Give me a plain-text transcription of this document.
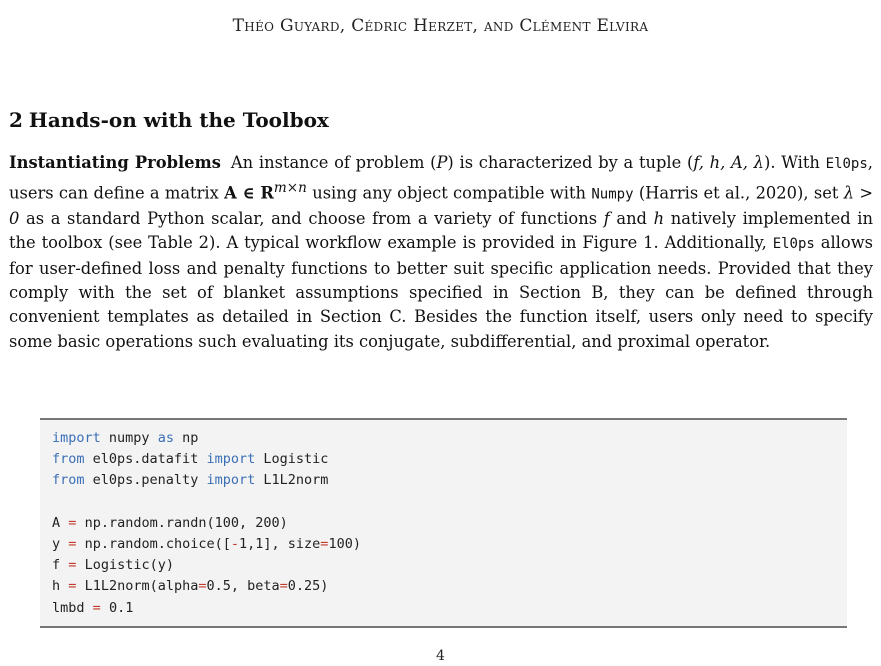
Théo Guyard, Cédric Herzet, and Clément Elvira
2 Hands-on with the Toolbox
Instantiating Problems An instance of problem (P) is characterized by a tuple (f, h, A, λ). With El0ps, users can define a matrix A ∈ $R^{m\times n}$ using any object compatible with Numpy (Harris et al., 2020), set λ > 0 as a standard Python scalar, and choose from a variety of functions f and h natively implemented in the toolbox (see Table 2). A typical workflow example is provided in Figure 1. Additionally, El0ps allows for user-defined loss and penalty functions to better suit specific application needs. Provided that they comply with the set of blanket assumptions specified in Section B, they can be defined through convenient templates as detailed in Section C. Besides the function itself, users only need to specify some basic operations such evaluating its conjugate, subdifferential, and proximal operator.
import numpy as np
from el0ps.datafit import Logistic
from el0ps.penalty import L1L2norm

A = np.random.randn(100, 200)
y = np.random.choice([-1,1], size=100)
f = Logistic(y)
h = L1L2norm(alpha=0.5, beta=0.25)
lmbd = 0.1
4
